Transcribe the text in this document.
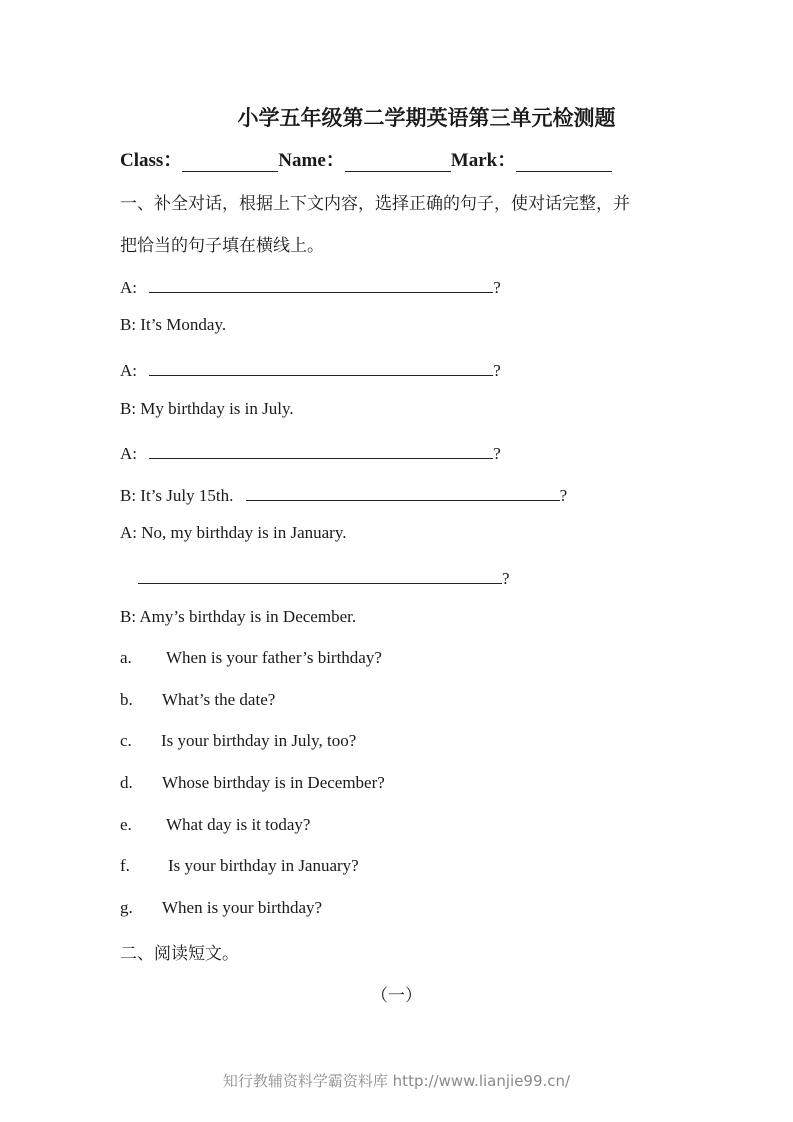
小学五年级第二学期英语第三单元检测题
Class：	Name：	Mark：
一、补全对话，根据上下文内容，选择正确的句子，使对话完整，并
把恰当的句子填在横线上。
A:	?
B: It’s Monday.
A:	?
B: My birthday is in July.
A:	?
B: It’s July 15th.	?
A: No, my birthday is in January.
?
B: Amy’s birthday is in December.
a. When is your father’s birthday?
b. What’s the date?
c. Is your birthday in July, too?
d. Whose birthday is in December?
e. What day is it today?
f. Is your birthday in January?
g. When is your birthday?
二、阅读短文。
（一）
知行教辅资料学霸资料库 http://www.lianjie99.cn/
